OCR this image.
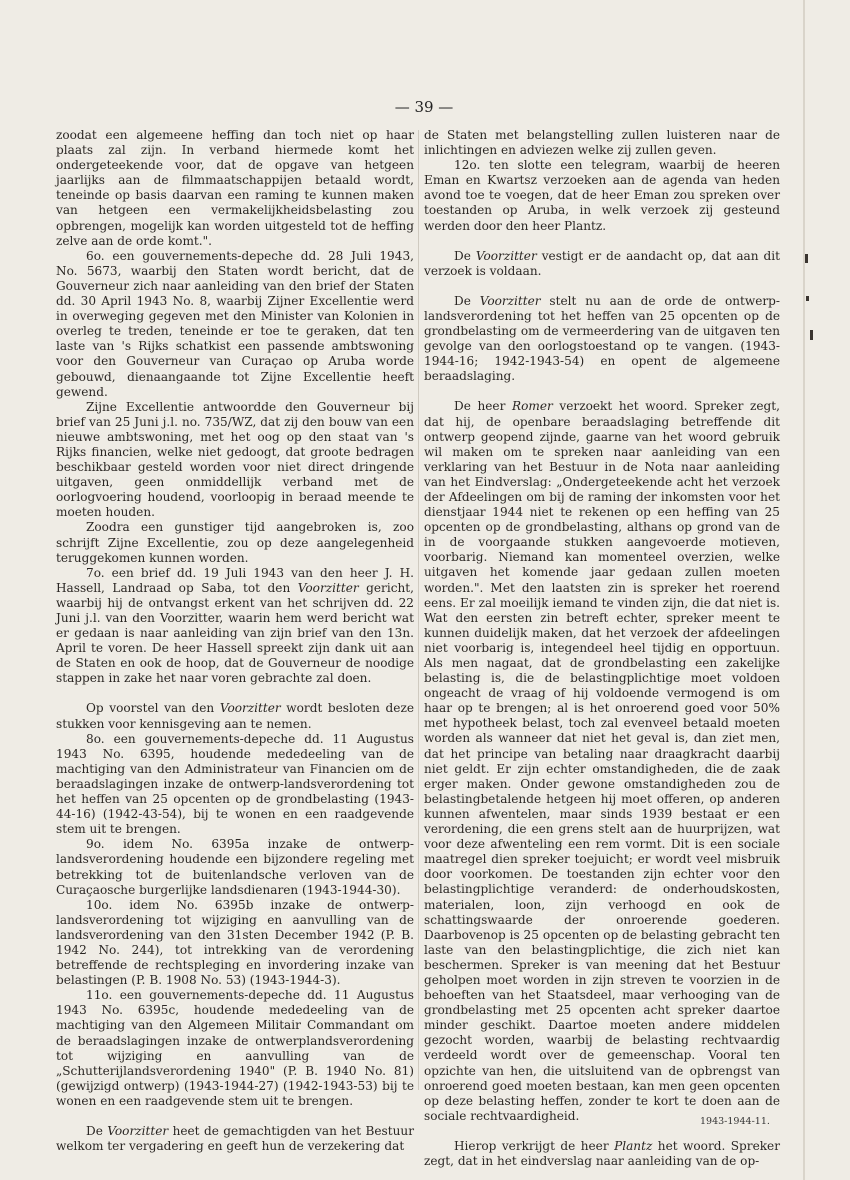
— 39 —

zoodat een algemeene heffing dan toch niet op haar plaats zal zijn. In verband hiermede komt het ondergeteekende voor, dat de opgave van hetgeen jaarlijks aan de filmmaatschappijen betaald wordt, teneinde op basis daarvan een raming te kunnen maken van hetgeen een vermakelijkheidsbelasting zou opbrengen, mogelijk kan worden uitgesteld tot de heffing zelve aan de orde komt.".

6o. een gouvernements-depeche dd. 28 Juli 1943, No. 5673, waarbij den Staten wordt bericht, dat de Gouverneur zich naar aanleiding van den brief der Staten dd. 30 April 1943 No. 8, waarbij Zijner Excellentie werd in overweging gegeven met den Minister van Kolonien in overleg te treden, teneinde er toe te geraken, dat ten laste van 's Rijks schatkist een passende ambtswoning voor den Gouverneur van Curaçao op Aruba worde gebouwd, dienaangaande tot Zijne Excellentie heeft gewend.

Zijne Excellentie antwoordde den Gouverneur bij brief van 25 Juni j.l. no. 735/WZ, dat zij den bouw van een nieuwe ambtswoning, met het oog op den staat van 's Rijks financien, welke niet gedoogt, dat groote bedragen beschikbaar gesteld worden voor niet direct dringende uitgaven, geen onmiddellijk verband met de oorlogvoering houdend, voorloopig in beraad meende te moeten houden.

Zoodra een gunstiger tijd aangebroken is, zoo schrijft Zijne Excellentie, zou op deze aangelegenheid teruggekomen kunnen worden.

7o. een brief dd. 19 Juli 1943 van den heer J. H. Hassell, Landraad op Saba, tot den Voorzitter gericht, waarbij hij de ontvangst erkent van het schrijven dd. 22 Juni j.l. van den Voorzitter, waarin hem werd bericht wat er gedaan is naar aanleiding van zijn brief van den 13n. April te voren. De heer Hassell spreekt zijn dank uit aan de Staten en ook de hoop, dat de Gouverneur de noodige stappen in zake het naar voren gebrachte zal doen.

Op voorstel van den Voorzitter wordt besloten deze stukken voor kennisgeving aan te nemen.

8o. een gouvernements-depeche dd. 11 Augustus 1943 No. 6395, houdende mededeeling van de machtiging van den Administrateur van Financien om de beraadslagingen inzake de ontwerp-landsverordening tot het heffen van 25 opcenten op de grondbelasting (1943-44-16) (1942-43-54), bij te wonen en een raadgevende stem uit te brengen.

9o. idem No. 6395a inzake de ontwerp-landsverordening houdende een bijzondere regeling met betrekking tot de buitenlandsche verloven van de Curaçaosche burgerlijke landsdienaren (1943-1944-30).

10o. idem No. 6395b inzake de ontwerp-landsverordening tot wijziging en aanvulling van de landsverordening van den 31sten December 1942 (P. B. 1942 No. 244), tot intrekking van de verordening betreffende de rechtspleging en invordering inzake van belastingen (P. B. 1908 No. 53) (1943-1944-3).

11o. een gouvernements-depeche dd. 11 Augustus 1943 No. 6395c, houdende mededeeling van de machtiging van den Algemeen Militair Commandant om de beraadslagingen inzake de ontwerplandsverordening tot wijziging en aanvulling van de „Schutterijlandsverordening 1940" (P. B. 1940 No. 81) (gewijzigd ontwerp) (1943-1944-27) (1942-1943-53) bij te wonen en een raadgevende stem uit te brengen.

De Voorzitter heet de gemachtigden van het Bestuur welkom ter vergadering en geeft hun de verzekering dat

de Staten met belangstelling zullen luisteren naar de inlichtingen en adviezen welke zij zullen geven.

12o. ten slotte een telegram, waarbij de heeren Eman en Kwartsz verzoeken aan de agenda van heden avond toe te voegen, dat de heer Eman zou spreken over toestanden op Aruba, in welk verzoek zij gesteund werden door den heer Plantz.

De Voorzitter vestigt er de aandacht op, dat aan dit verzoek is voldaan.

De Voorzitter stelt nu aan de orde de ontwerp-landsverordening tot het heffen van 25 opcenten op de grondbelasting om de vermeerdering van de uitgaven ten gevolge van den oorlogstoestand op te vangen. (1943-1944-16; 1942-1943-54) en opent de algemeene beraadslaging.

De heer Romer verzoekt het woord. Spreker zegt, dat hij, de openbare beraadslaging betreffende dit ontwerp geopend zijnde, gaarne van het woord gebruik wil maken om te spreken naar aanleiding van een verklaring van het Bestuur in de Nota naar aanleiding van het Eindverslag: „Ondergeteekende acht het verzoek der Afdeelingen om bij de raming der inkomsten voor het dienstjaar 1944 niet te rekenen op een heffing van 25 opcenten op de grondbelasting, althans op grond van de in de voorgaande stukken aangevoerde motieven, voorbarig. Niemand kan momenteel overzien, welke uitgaven het komende jaar gedaan zullen moeten worden.". Met den laatsten zin is spreker het roerend eens. Er zal moeilijk iemand te vinden zijn, die dat niet is. Wat den eersten zin betreft echter, spreker meent te kunnen duidelijk maken, dat het verzoek der afdeelingen niet voorbarig is, integendeel heel tijdig en opportuun. Als men nagaat, dat de grondbelasting een zakelijke belasting is, die de belastingplichtige moet voldoen ongeacht de vraag of hij voldoende vermogend is om haar op te brengen; al is het onroerend goed voor 50% met hypotheek belast, toch zal evenveel betaald moeten worden als wanneer dat niet het geval is, dan ziet men, dat het principe van betaling naar draagkracht daarbij niet geldt. Er zijn echter omstandigheden, die de zaak erger maken. Onder gewone omstandigheden zou de belastingbetalende hetgeen hij moet offeren, op anderen kunnen afwentelen, maar sinds 1939 bestaat er een verordening, die een grens stelt aan de huurprijzen, wat voor deze afwenteling een rem vormt. Dit is een sociale maatregel dien spreker toejuicht; er wordt veel misbruik door voorkomen. De toestanden zijn echter voor den belastingplichtige veranderd: de onderhoudskosten, materialen, loon, zijn verhoogd en ook de schattingswaarde der onroerende goederen. Daarbovenop is 25 opcenten op de belasting gebracht ten laste van den belastingplichtige, die zich niet kan beschermen. Spreker is van meening dat het Bestuur geholpen moet worden in zijn streven te voorzien in de behoeften van het Staatsdeel, maar verhooging van de grondbelasting met 25 opcenten acht spreker daartoe minder geschikt. Daartoe moeten andere middelen gezocht worden, waarbij de belasting rechtvaardig verdeeld wordt over de gemeenschap. Vooral ten opzichte van hen, die uitsluitend van de opbrengst van onroerend goed moeten bestaan, kan men geen opcenten op deze belasting heffen, zonder te kort te doen aan de sociale rechtvaardigheid.

Hierop verkrijgt de heer Plantz het woord. Spreker zegt, dat in het eindverslag naar aanleiding van de op-

1943-1944-11.
